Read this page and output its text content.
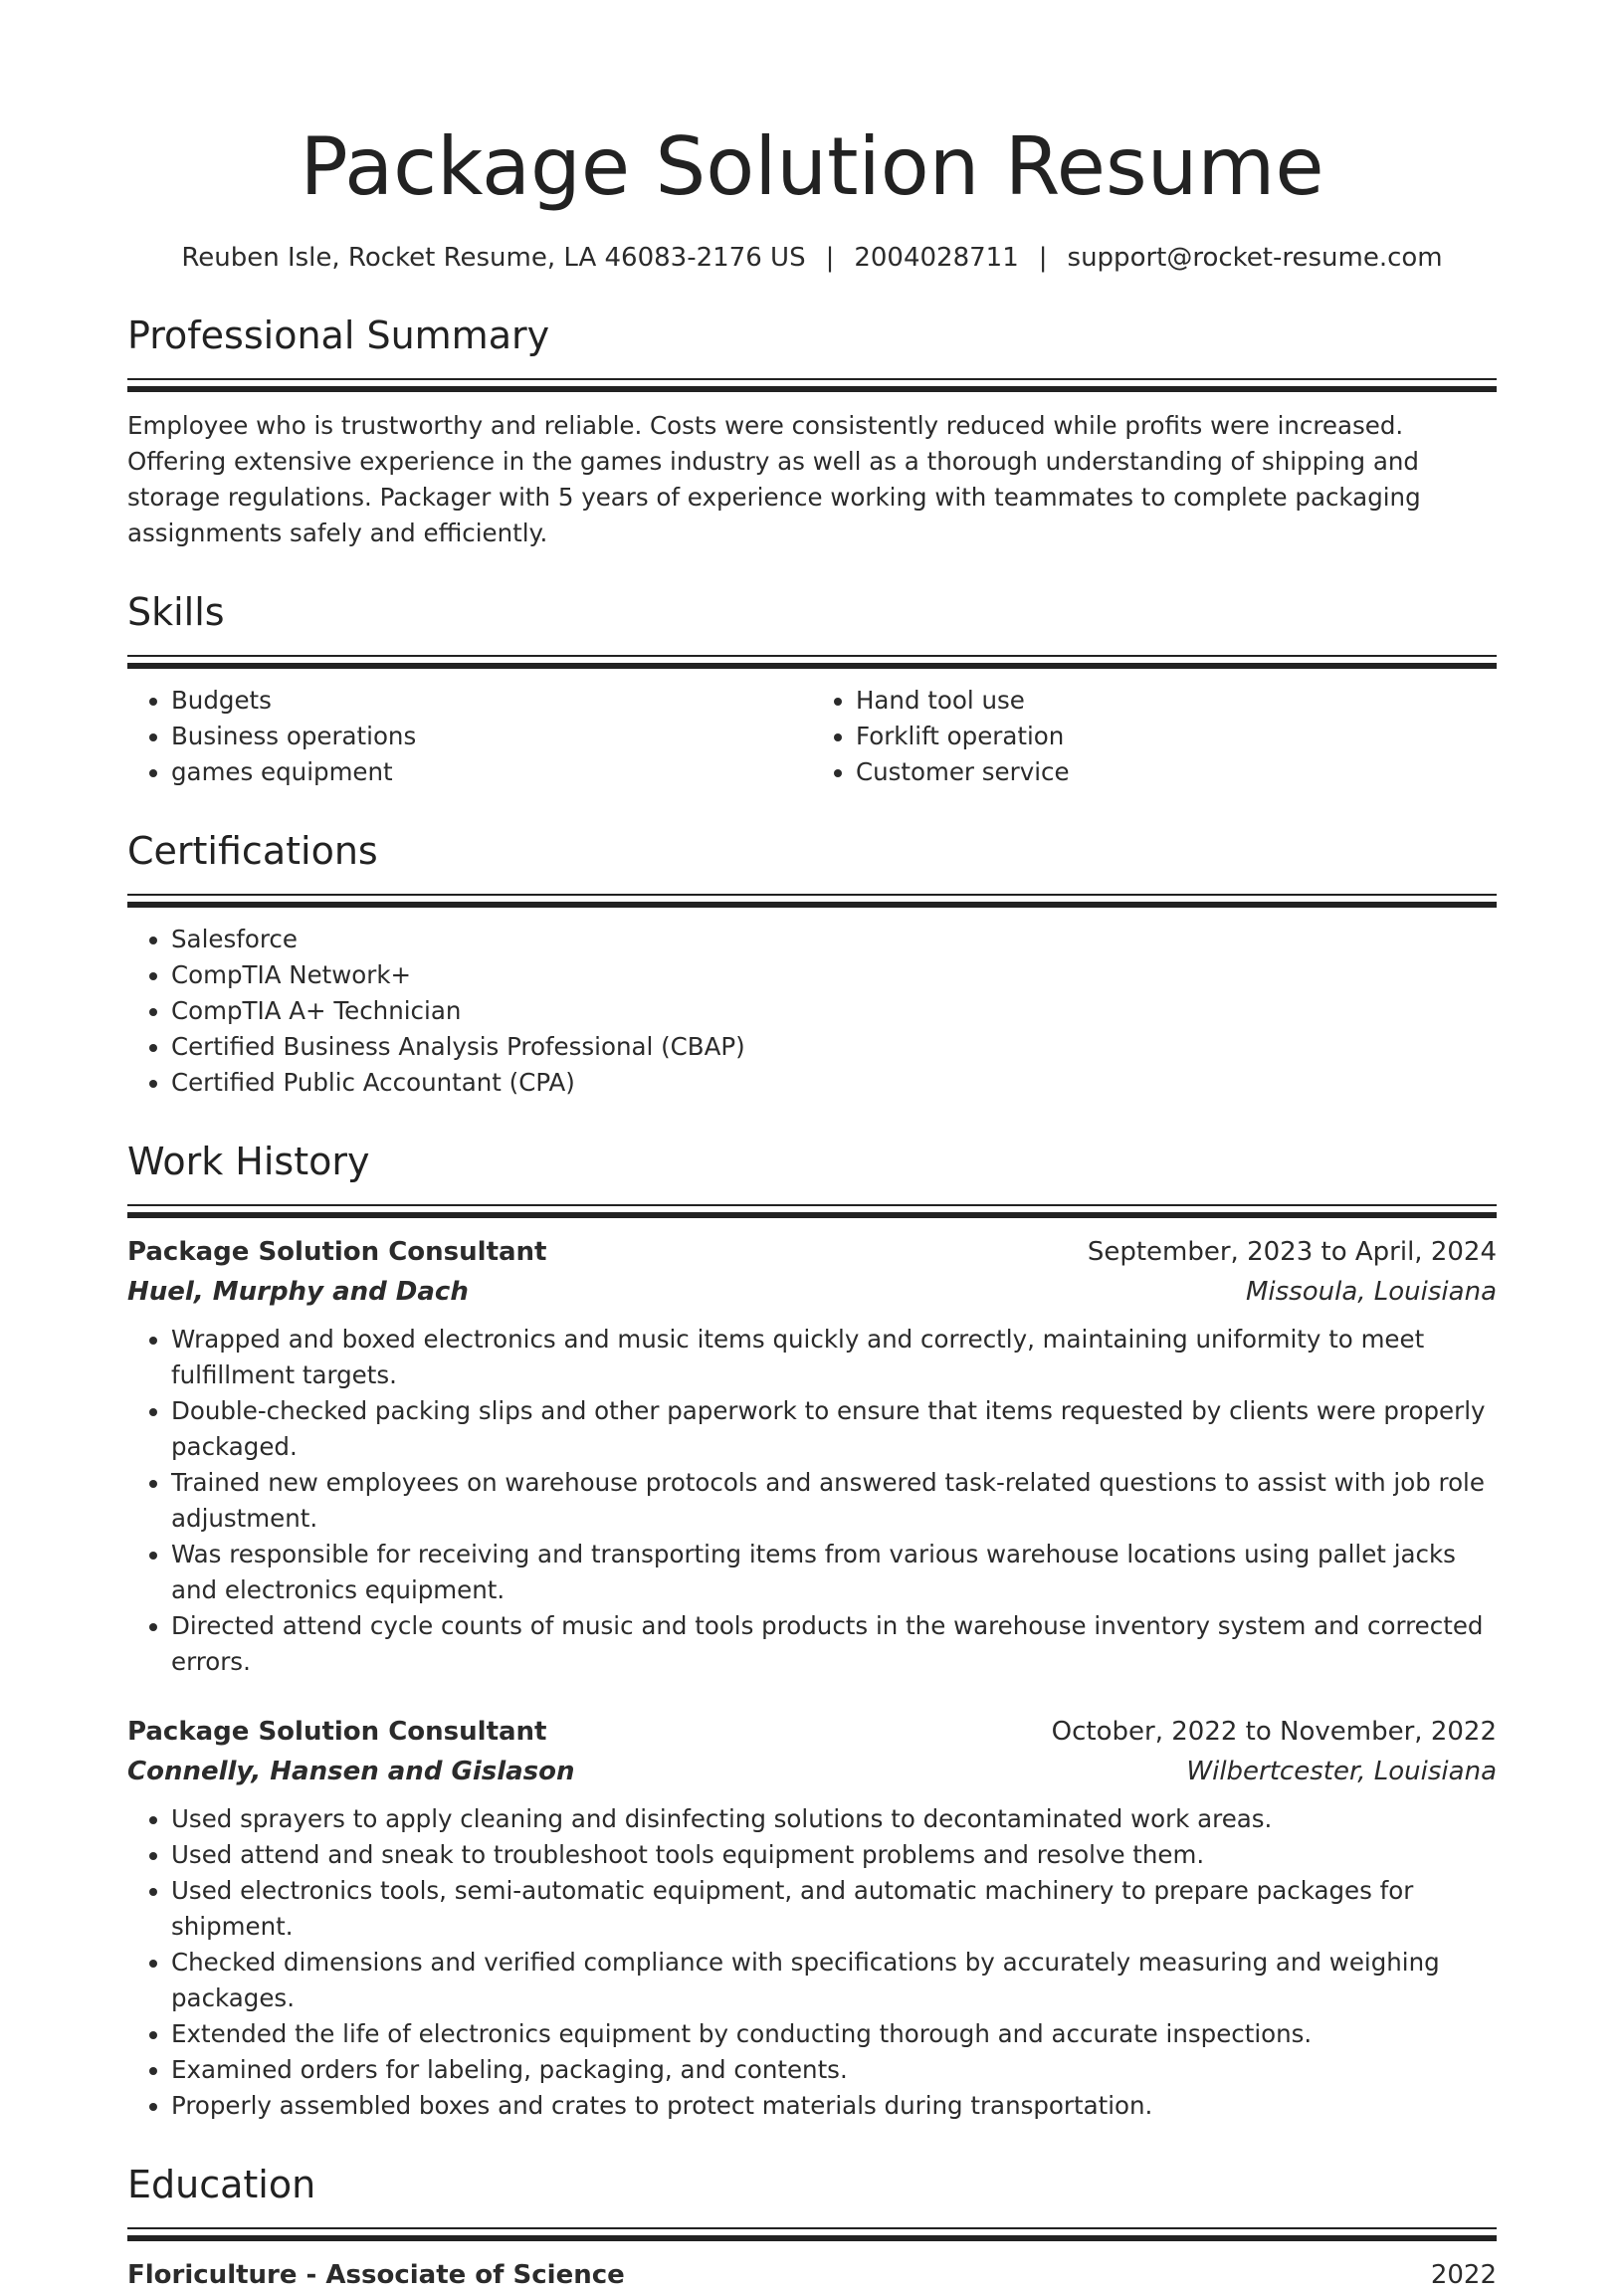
Package Solution Resume
Reuben Isle, Rocket Resume, LA 46083-2176 US | 2004028711 | support@rocket-resume.com
Professional Summary
Employee who is trustworthy and reliable. Costs were consistently reduced while profits were increased. Offering extensive experience in the games industry as well as a thorough understanding of shipping and storage regulations. Packager with 5 years of experience working with teammates to complete packaging assignments safely and efficiently.
Skills
• Budgets
• Business operations
• games equipment
• Hand tool use
• Forklift operation
• Customer service
Certifications
• Salesforce
• CompTIA Network+
• CompTIA A+ Technician
• Certified Business Analysis Professional (CBAP)
• Certified Public Accountant (CPA)
Work History
Package Solution Consultant	September, 2023 to April, 2024
Huel, Murphy and Dach	Missoula, Louisiana
• Wrapped and boxed electronics and music items quickly and correctly, maintaining uniformity to meet fulfillment targets.
• Double-checked packing slips and other paperwork to ensure that items requested by clients were properly packaged.
• Trained new employees on warehouse protocols and answered task-related questions to assist with job role adjustment.
• Was responsible for receiving and transporting items from various warehouse locations using pallet jacks and electronics equipment.
• Directed attend cycle counts of music and tools products in the warehouse inventory system and corrected errors.
Package Solution Consultant	October, 2022 to November, 2022
Connelly, Hansen and Gislason	Wilbertcester, Louisiana
• Used sprayers to apply cleaning and disinfecting solutions to decontaminated work areas.
• Used attend and sneak to troubleshoot tools equipment problems and resolve them.
• Used electronics tools, semi-automatic equipment, and automatic machinery to prepare packages for shipment.
• Checked dimensions and verified compliance with specifications by accurately measuring and weighing packages.
• Extended the life of electronics equipment by conducting thorough and accurate inspections.
• Examined orders for labeling, packaging, and contents.
• Properly assembled boxes and crates to protect materials during transportation.
Education
Floriculture - Associate of Science	2022
